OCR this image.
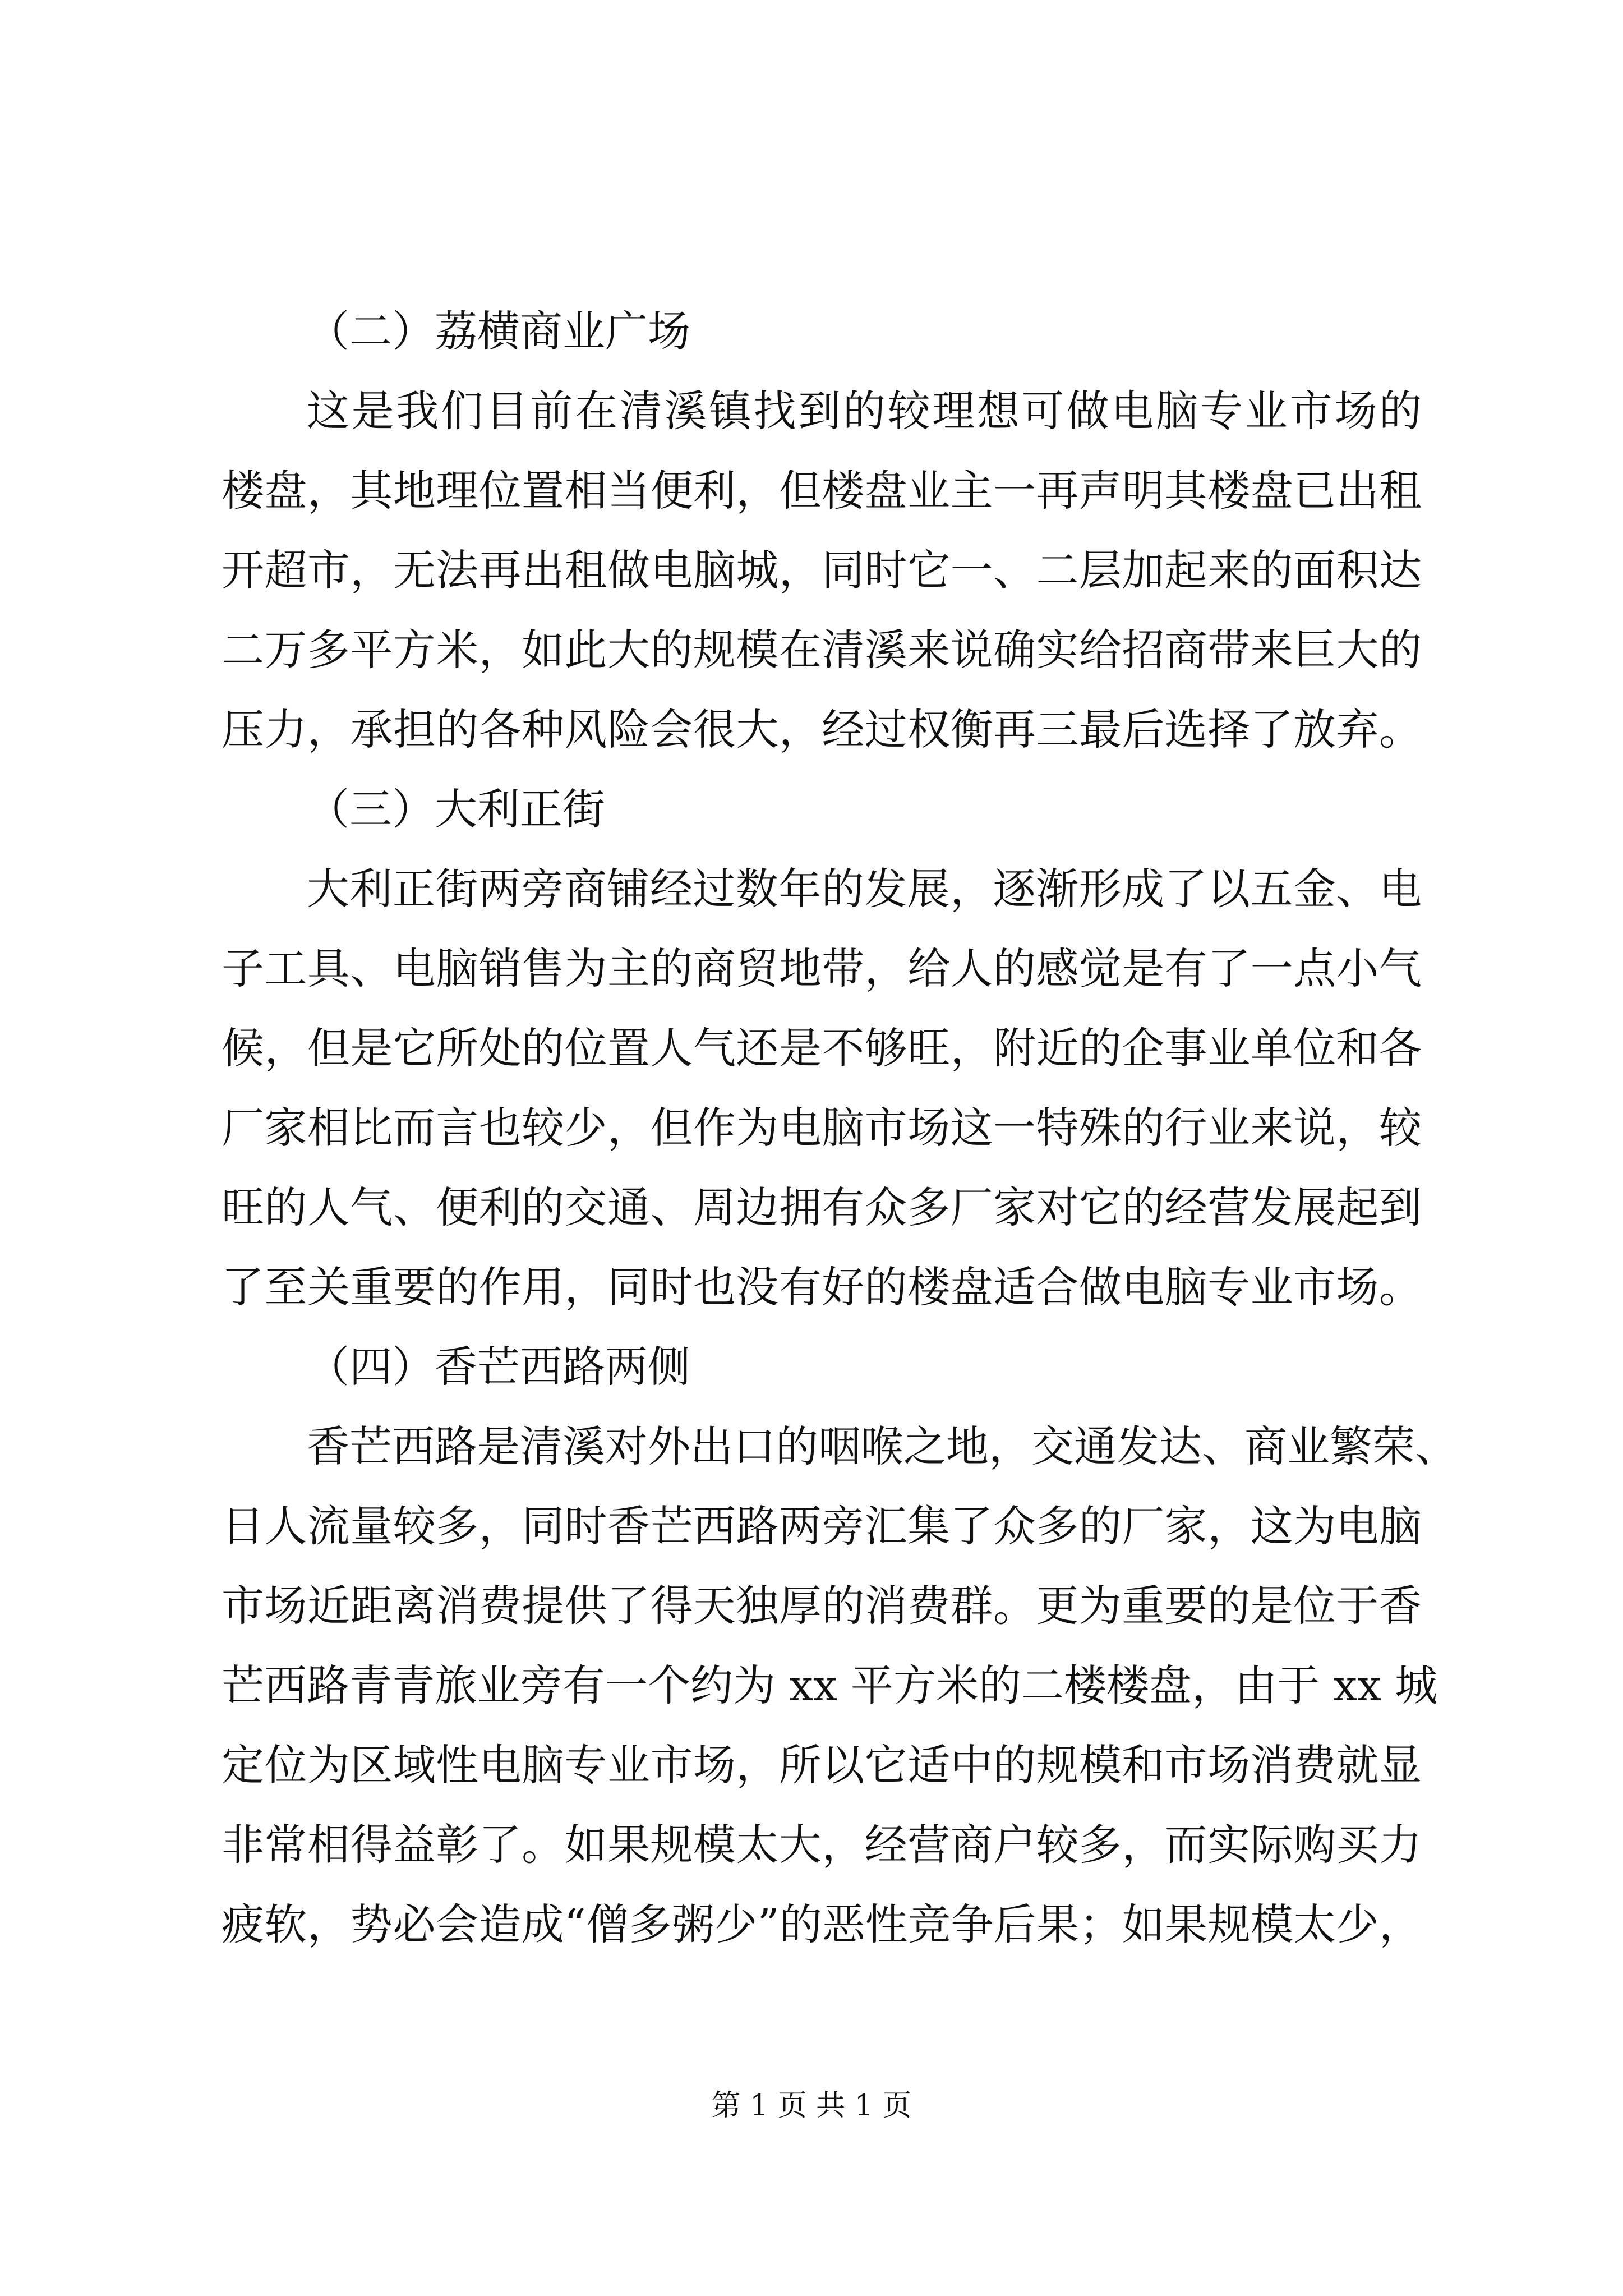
（二）荔横商业广场
这是我们目前在清溪镇找到的较理想可做电脑专业市场的
楼盘，其地理位置相当便利，但楼盘业主一再声明其楼盘已出租
开超市，无法再出租做电脑城，同时它一、二层加起来的面积达
二万多平方米，如此大的规模在清溪来说确实给招商带来巨大的
压力，承担的各种风险会很大，经过权衡再三最后选择了放弃。
（三）大利正街
大利正街两旁商铺经过数年的发展，逐渐形成了以五金、电
子工具、电脑销售为主的商贸地带，给人的感觉是有了一点小气
候，但是它所处的位置人气还是不够旺，附近的企事业单位和各
厂家相比而言也较少，但作为电脑市场这一特殊的行业来说，较
旺的人气、便利的交通、周边拥有众多厂家对它的经营发展起到
了至关重要的作用，同时也没有好的楼盘适合做电脑专业市场。
（四）香芒西路两侧
香芒西路是清溪对外出口的咽喉之地，交通发达、商业繁荣、
日人流量较多，同时香芒西路两旁汇集了众多的厂家，这为电脑
市场近距离消费提供了得天独厚的消费群。更为重要的是位于香
芒西路青青旅业旁有一个约为 xx 平方米的二楼楼盘，由于 xx 城
定位为区域性电脑专业市场，所以它适中的规模和市场消费就显
非常相得益彰了。如果规模太大，经营商户较多，而实际购买力
疲软，势必会造成“僧多粥少”的恶性竞争后果；如果规模太少，
第 1 页 共 1 页
